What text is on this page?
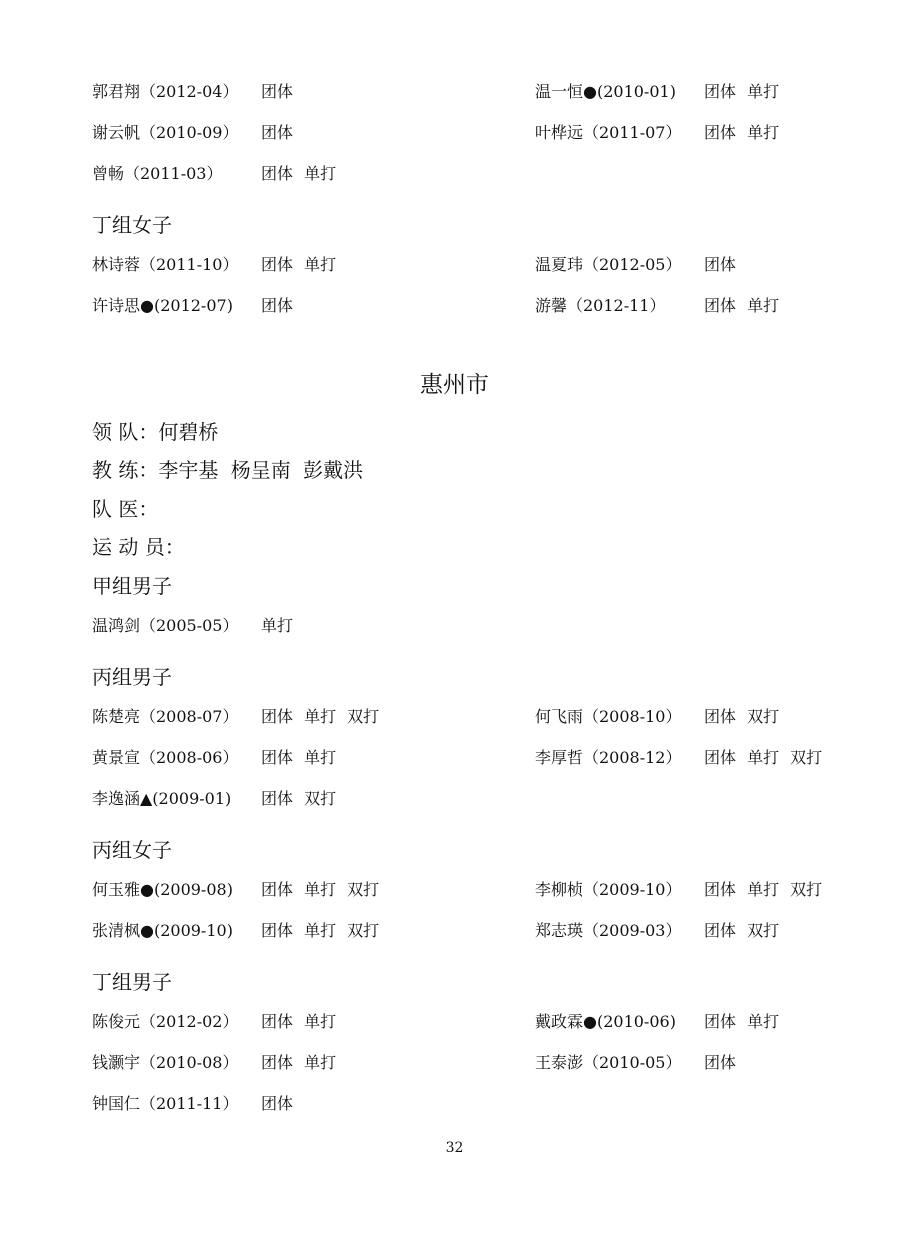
郭君翔（2012-04） 团体	温一恒●(2010-01) 团体 单打
谢云帆（2010-09） 团体	叶桦远（2011-07） 团体 单打
曾畅（2011-03） 团体 单打
丁组女子
林诗蓉（2011-10） 团体 单打	温夏玮（2012-05） 团体
许诗思●(2012-07) 团体	游馨（2012-11） 团体 单打
惠州市
领 队：何碧桥
教 练：李宇基 杨呈南 彭戴洪
队 医：
运 动 员：
甲组男子
温鸿剑（2005-05） 单打
丙组男子
陈楚亮（2008-07） 团体 单打 双打	何飞雨（2008-10） 团体 双打
黄景宣（2008-06） 团体 单打	李厚哲（2008-12） 团体 单打 双打
李逸涵▲(2009-01) 团体 双打
丙组女子
何玉雅●(2009-08) 团体 单打 双打	李柳桢（2009-10） 团体 单打 双打
张清枫●(2009-10) 团体 单打 双打	郑志瑛（2009-03） 团体 双打
丁组男子
陈俊元（2012-02） 团体 单打	戴政霖●(2010-06) 团体 单打
钱灏宇（2010-08） 团体 单打	王泰澎（2010-05） 团体
钟国仁（2011-11） 团体
32
